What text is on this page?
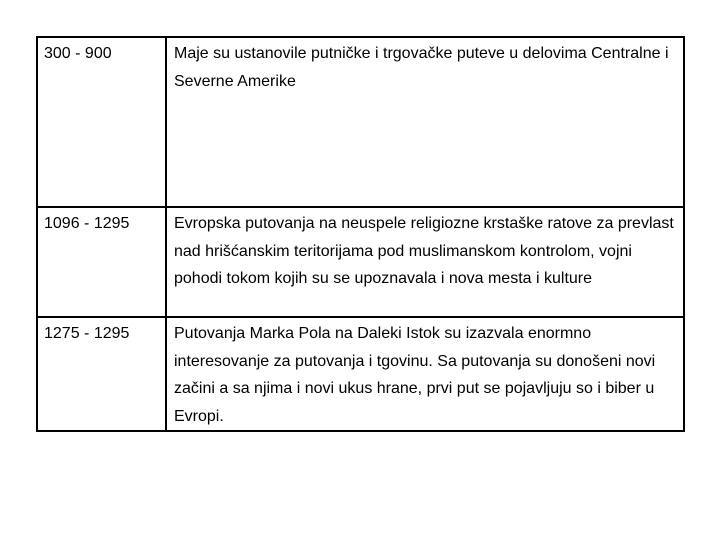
300 - 900	Maje su ustanovile putničke i trgovačke puteve u delovima Centralne i Severne Amerike
1096 - 1295	Evropska putovanja na neuspele religiozne krstaške ratove za prevlast nad hrišćanskim teritorijama pod muslimanskom kontrolom, vojni pohodi tokom kojih su se upoznavala i nova mesta i kulture
1275 - 1295	Putovanja Marka Pola na Daleki Istok su izazvala enormno interesovanje za putovanja i tgovinu. Sa putovanja su donošeni novi začini a sa njima i novi ukus hrane, prvi put se pojavljuju so i biber u Evropi.
